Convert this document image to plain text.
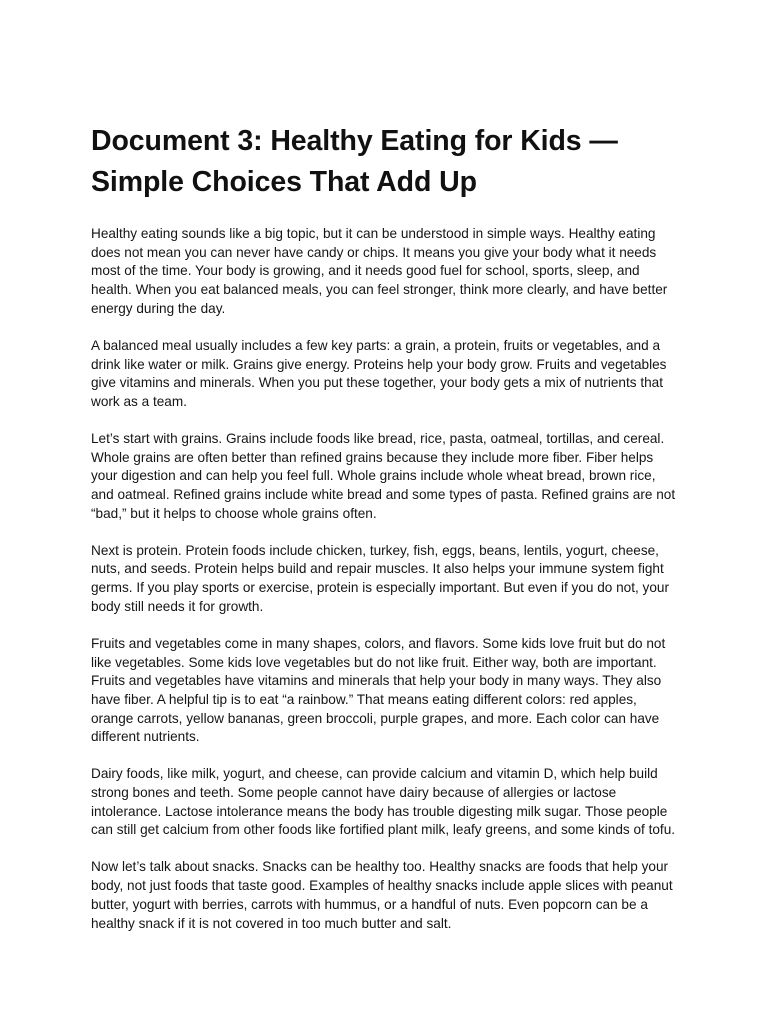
Document 3: Healthy Eating for Kids — Simple Choices That Add Up

Healthy eating sounds like a big topic, but it can be understood in simple ways. Healthy eating does not mean you can never have candy or chips. It means you give your body what it needs most of the time. Your body is growing, and it needs good fuel for school, sports, sleep, and health. When you eat balanced meals, you can feel stronger, think more clearly, and have better energy during the day.

A balanced meal usually includes a few key parts: a grain, a protein, fruits or vegetables, and a drink like water or milk. Grains give energy. Proteins help your body grow. Fruits and vegetables give vitamins and minerals. When you put these together, your body gets a mix of nutrients that work as a team.

Let’s start with grains. Grains include foods like bread, rice, pasta, oatmeal, tortillas, and cereal. Whole grains are often better than refined grains because they include more fiber. Fiber helps your digestion and can help you feel full. Whole grains include whole wheat bread, brown rice, and oatmeal. Refined grains include white bread and some types of pasta. Refined grains are not “bad,” but it helps to choose whole grains often.

Next is protein. Protein foods include chicken, turkey, fish, eggs, beans, lentils, yogurt, cheese, nuts, and seeds. Protein helps build and repair muscles. It also helps your immune system fight germs. If you play sports or exercise, protein is especially important. But even if you do not, your body still needs it for growth.

Fruits and vegetables come in many shapes, colors, and flavors. Some kids love fruit but do not like vegetables. Some kids love vegetables but do not like fruit. Either way, both are important. Fruits and vegetables have vitamins and minerals that help your body in many ways. They also have fiber. A helpful tip is to eat “a rainbow.” That means eating different colors: red apples, orange carrots, yellow bananas, green broccoli, purple grapes, and more. Each color can have different nutrients.

Dairy foods, like milk, yogurt, and cheese, can provide calcium and vitamin D, which help build strong bones and teeth. Some people cannot have dairy because of allergies or lactose intolerance. Lactose intolerance means the body has trouble digesting milk sugar. Those people can still get calcium from other foods like fortified plant milk, leafy greens, and some kinds of tofu.

Now let’s talk about snacks. Snacks can be healthy too. Healthy snacks are foods that help your body, not just foods that taste good. Examples of healthy snacks include apple slices with peanut butter, yogurt with berries, carrots with hummus, or a handful of nuts. Even popcorn can be a healthy snack if it is not covered in too much butter and salt.
